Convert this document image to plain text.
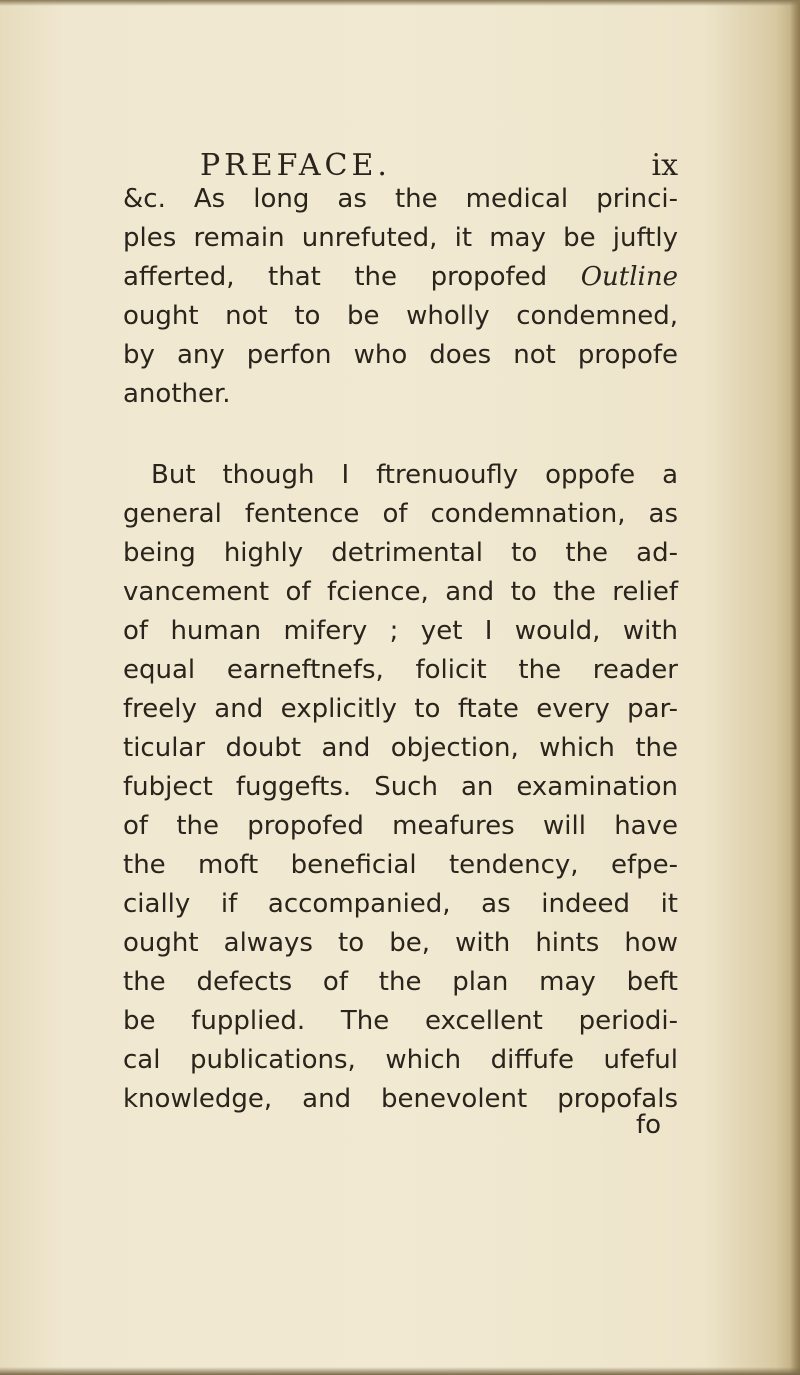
PREFACE.	ix

&c. As long as the medical princi-
ples remain unrefuted, it may be juftly
afferted, that the propofed Outline
ought not to be wholly condemned,
by any perfon who does not propofe
another.

But though I ftrenuoufly oppofe a
general fentence of condemnation, as
being highly detrimental to the ad-
vancement of fcience, and to the relief
of human mifery ; yet I would, with
equal earneftnefs, folicit the reader
freely and explicitly to ftate every par-
ticular doubt and objection, which the
fubject fuggefts. Such an examination
of the propofed meafures will have
the moft beneficial tendency, efpe-
cially if accompanied, as indeed it
ought always to be, with hints how
the defects of the plan may beft
be fupplied. The excellent periodi-
cal publications, which diffufe ufeful
knowledge, and benevolent propofals

fo
